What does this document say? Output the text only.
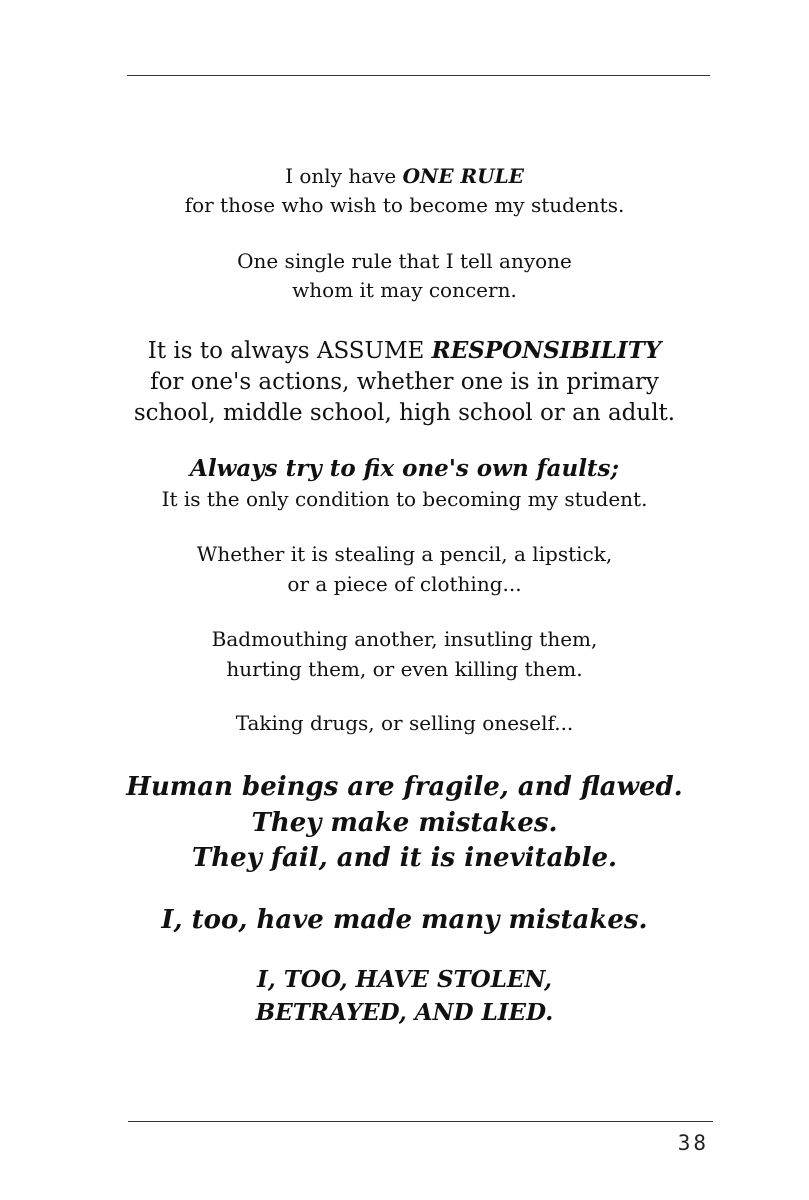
I only have ONE RULE
for those who wish to become my students.
One single rule that I tell anyone
whom it may concern.
It is to always ASSUME RESPONSIBILITY
for one's actions, whether one is in primary
school, middle school, high school or an adult.
Always try to fix one's own faults;
It is the only condition to becoming my student.
Whether it is stealing a pencil, a lipstick,
or a piece of clothing...
Badmouthing another, insutling them,
hurting them, or even killing them.
Taking drugs, or selling oneself...
Human beings are fragile, and flawed.
They make mistakes.
They fail, and it is inevitable.
I, too, have made many mistakes.
I, TOO, HAVE STOLEN,
BETRAYED, AND LIED.
38
